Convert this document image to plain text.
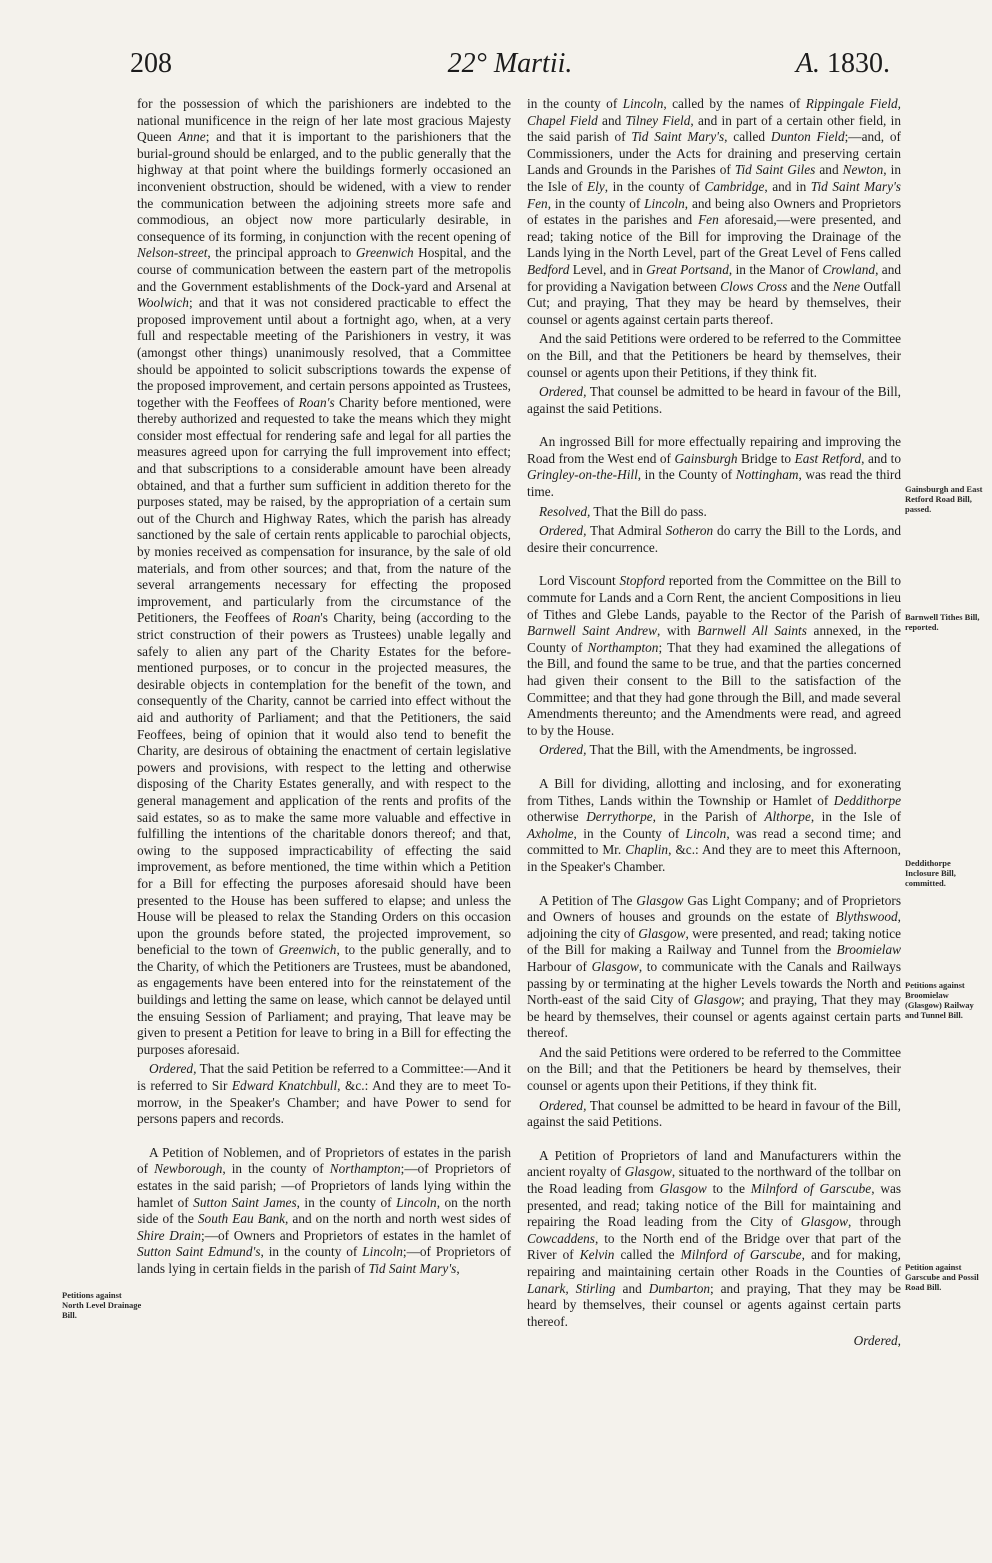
208	22° Martii.	A. 1830.

for the possession of which the parishioners are indebted to the national munificence in the reign of her late most gracious Majesty Queen Anne; and that it is important to the parishioners that the burial-ground should be enlarged, and to the public generally that the highway at that point where the buildings formerly occasioned an inconvenient obstruction, should be widened, with a view to render the communication between the adjoining streets more safe and commodious, an object now more particularly desirable, in consequence of its forming, in conjunction with the recent opening of Nelson-street, the principal approach to Greenwich Hospital, and the course of communication between the eastern part of the metropolis and the Government establishments of the Dock-yard and Arsenal at Woolwich; and that it was not considered practicable to effect the proposed improvement until about a fortnight ago, when, at a very full and respectable meeting of the Parishioners in vestry, it was (amongst other things) unanimously resolved, that a Committee should be appointed to solicit subscriptions towards the expense of the proposed improvement, and certain persons appointed as Trustees, together with the Feoffees of Roan's Charity before mentioned, were thereby authorized and requested to take the means which they might consider most effectual for rendering safe and legal for all parties the measures agreed upon for carrying the full improvement into effect; and that subscriptions to a considerable amount have been already obtained, and that a further sum sufficient in addition thereto for the purposes stated, may be raised, by the appropriation of a certain sum out of the Church and Highway Rates, which the parish has already sanctioned by the sale of certain rents applicable to parochial objects, by monies received as compensation for insurance, by the sale of old materials, and from other sources; and that, from the nature of the several arrangements necessary for effecting the proposed improvement, and particularly from the circumstance of the Petitioners, the Feoffees of Roan's Charity, being (according to the strict construction of their powers as Trustees) unable legally and safely to alien any part of the Charity Estates for the before-mentioned purposes, or to concur in the projected measures, the desirable objects in contemplation for the benefit of the town, and consequently of the Charity, cannot be carried into effect without the aid and authority of Parliament; and that the Petitioners, the said Feoffees, being of opinion that it would also tend to benefit the Charity, are desirous of obtaining the enactment of certain legislative powers and provisions, with respect to the letting and otherwise disposing of the Charity Estates generally, and with respect to the general management and application of the rents and profits of the said estates, so as to make the same more valuable and effective in fulfilling the intentions of the charitable donors thereof; and that, owing to the supposed impracticability of effecting the said improvement, as before mentioned, the time within which a Petition for a Bill for effecting the purposes aforesaid should have been presented to the House has been suffered to elapse; and unless the House will be pleased to relax the Standing Orders on this occasion upon the grounds before stated, the projected improvement, so beneficial to the town of Greenwich, to the public generally, and to the Charity, of which the Petitioners are Trustees, must be abandoned, as engagements have been entered into for the reinstatement of the buildings and letting the same on lease, which cannot be delayed until the ensuing Session of Parliament; and praying, That leave may be given to present a Petition for leave to bring in a Bill for effecting the purposes aforesaid.

Ordered, That the said Petition be referred to a Committee:—And it is referred to Sir Edward Knatchbull, &c.: And they are to meet To-morrow, in the Speaker's Chamber; and have Power to send for persons papers and records.

A Petition of Noblemen, and of Proprietors of estates in the parish of Newborough, in the county of Northampton;—of Proprietors of estates in the said parish; —of Proprietors of lands lying within the hamlet of Sutton Saint James, in the county of Lincoln, on the north side of the South Eau Bank, and on the north and north west sides of Shire Drain;—of Owners and Proprietors of estates in the hamlet of Sutton Saint Edmund's, in the county of Lincoln;—of Proprietors of lands lying in certain fields in the parish of Tid Saint Mary's,

in the county of Lincoln, called by the names of Rippingale Field, Chapel Field and Tilney Field, and in part of a certain other field, in the said parish of Tid Saint Mary's, called Dunton Field;—and, of Commissioners, under the Acts for draining and preserving certain Lands and Grounds in the Parishes of Tid Saint Giles and Newton, in the Isle of Ely, in the county of Cambridge, and in Tid Saint Mary's Fen, in the county of Lincoln, and being also Owners and Proprietors of estates in the parishes and Fen aforesaid,—were presented, and read; taking notice of the Bill for improving the Drainage of the Lands lying in the North Level, part of the Great Level of Fens called Bedford Level, and in Great Portsand, in the Manor of Crowland, and for providing a Navigation between Clows Cross and the Nene Outfall Cut; and praying, That they may be heard by themselves, their counsel or agents against certain parts thereof.

And the said Petitions were ordered to be referred to the Committee on the Bill, and that the Petitioners be heard by themselves, their counsel or agents upon their Petitions, if they think fit.

Ordered, That counsel be admitted to be heard in favour of the Bill, against the said Petitions.

An ingrossed Bill for more effectually repairing and improving the Road from the West end of Gainsburgh Bridge to East Retford, and to Gringley-on-the-Hill, in the County of Nottingham, was read the third time.

Resolved, That the Bill do pass.

Ordered, That Admiral Sotheron do carry the Bill to the Lords, and desire their concurrence.

Lord Viscount Stopford reported from the Committee on the Bill to commute for Lands and a Corn Rent, the ancient Compositions in lieu of Tithes and Glebe Lands, payable to the Rector of the Parish of Barnwell Saint Andrew, with Barnwell All Saints annexed, in the County of Northampton; That they had examined the allegations of the Bill, and found the same to be true, and that the parties concerned had given their consent to the Bill to the satisfaction of the Committee; and that they had gone through the Bill, and made several Amendments thereunto; and the Amendments were read, and agreed to by the House.

Ordered, That the Bill, with the Amendments, be ingrossed.

A Bill for dividing, allotting and inclosing, and for exonerating from Tithes, Lands within the Township or Hamlet of Deddithorpe otherwise Derrythorpe, in the Parish of Althorpe, in the Isle of Axholme, in the County of Lincoln, was read a second time; and committed to Mr. Chaplin, &c.: And they are to meet this Afternoon, in the Speaker's Chamber.

A Petition of The Glasgow Gas Light Company; and of Proprietors and Owners of houses and grounds on the estate of Blythswood, adjoining the city of Glasgow, were presented, and read; taking notice of the Bill for making a Railway and Tunnel from the Broomielaw Harbour of Glasgow, to communicate with the Canals and Railways passing by or terminating at the higher Levels towards the North and North-east of the said City of Glasgow; and praying, That they may be heard by themselves, their counsel or agents against certain parts thereof.

And the said Petitions were ordered to be referred to the Committee on the Bill; and that the Petitioners be heard by themselves, their counsel or agents upon their Petitions, if they think fit.

Ordered, That counsel be admitted to be heard in favour of the Bill, against the said Petitions.

A Petition of Proprietors of land and Manufacturers within the ancient royalty of Glasgow, situated to the northward of the tollbar on the Road leading from Glasgow to the Milnford of Garscube, was presented, and read; taking notice of the Bill for maintaining and repairing the Road leading from the City of Glasgow, through Cowcaddens, to the North end of the Bridge over that part of the River of Kelvin called the Milnford of Garscube, and for making, repairing and maintaining certain other Roads in the Counties of Lanark, Stirling and Dumbarton; and praying, That they may be heard by themselves, their counsel or agents against certain parts thereof.

Ordered,
Petitions against North Level Drainage Bill.
Gainsburgh and East Retford Road Bill, passed.
Barnwell Tithes Bill, reported.
Deddithorpe Inclosure Bill, committed.
Petitions against Broomielaw (Glasgow) Railway and Tunnel Bill.
Petition against Garscube and Possil Road Bill.
